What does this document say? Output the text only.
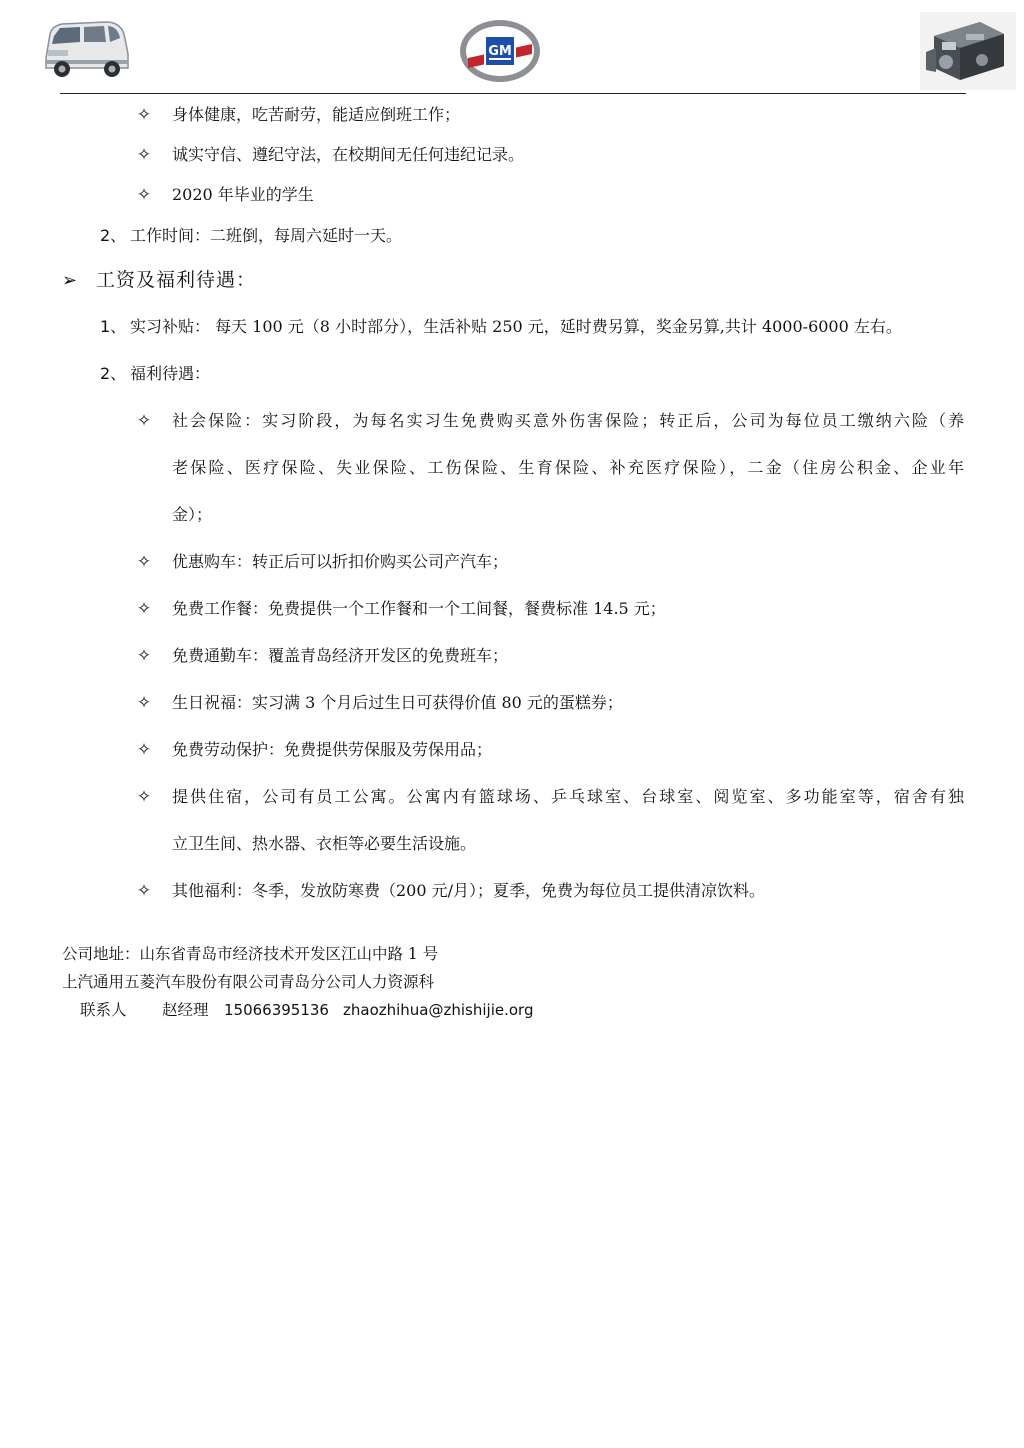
GM
✧ 身体健康，吃苦耐劳，能适应倒班工作；
✧ 诚实守信、遵纪守法，在校期间无任何违纪记录。
✧ 2020 年毕业的学生
2、 工作时间：二班倒，每周六延时一天。
➢ 工资及福利待遇：
1、 实习补贴： 每天 100 元（8 小时部分），生活补贴 250 元，延时费另算，奖金另算,共计 4000-6000 左右。
2、 福利待遇：
✧ 社会保险：实习阶段，为每名实习生免费购买意外伤害保险；转正后，公司为每位员工缴纳六险（养
老保险、医疗保险、失业保险、工伤保险、生育保险、补充医疗保险），二金（住房公积金、企业年
金）；
✧ 优惠购车：转正后可以折扣价购买公司产汽车；
✧ 免费工作餐：免费提供一个工作餐和一个工间餐，餐费标准 14.5 元；
✧ 免费通勤车：覆盖青岛经济开发区的免费班车；
✧ 生日祝福：实习满 3 个月后过生日可获得价值 80 元的蛋糕券；
✧ 免费劳动保护：免费提供劳保服及劳保用品；
✧ 提供住宿，公司有员工公寓。公寓内有篮球场、乒乓球室、台球室、阅览室、多功能室等，宿舍有独
立卫生间、热水器、衣柜等必要生活设施。
✧ 其他福利：冬季，发放防寒费（200 元/月）；夏季，免费为每位员工提供清凉饮料。
公司地址：山东省青岛市经济技术开发区江山中路 1 号
上汽通用五菱汽车股份有限公司青岛分公司人力资源科
联系人 赵经理 15066395136 zhaozhihua@zhishijie.org
